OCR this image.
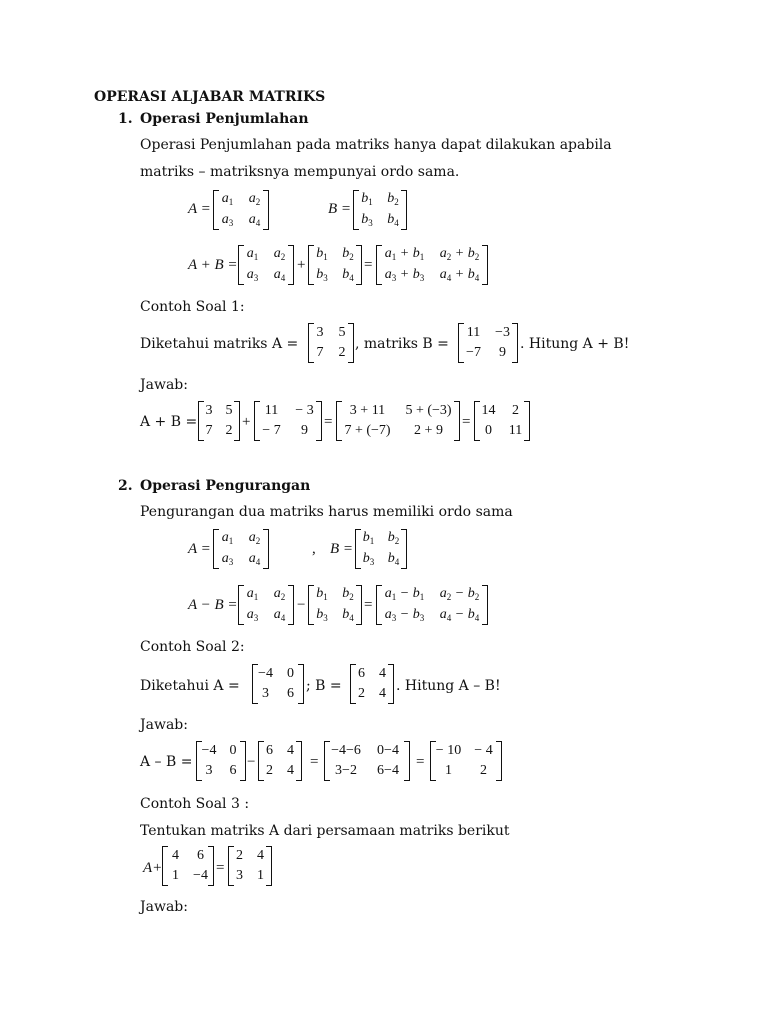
OPERASI ALJABAR MATRIKS
1. Operasi Penjumlahan
Operasi Penjumlahan pada matriks hanya dapat dilakukan apabila
matriks – matriksnya mempunyai ordo sama.
A =
$a_1$	$a_2$
$a_3$	$a_4$
B =
$b_1$	$b_2$
$b_3$	$b_4$
A + B =
$a_1$	$a_2$
$a_3$	$a_4$
+
$b_1$	$b_2$
$b_3$	$b_4$
=
$a_1 + b_1$	$a_2 + b_2$
$a_3 + b_3$	$a_4 + b_4$
Contoh Soal 1:
Diketahui matriks A =
3	5
7	2
, matriks B =
11	−3
−7	9
. Hitung A + B!
Jawab:
A + B =
3 5
7 2
+
11	− 3
− 7	9
=
3 + 11	5 + (−3)
7 + (−7)	2 + 9
=
14	2
0	11
2. Operasi Pengurangan
Pengurangan dua matriks harus memiliki ordo sama
A =
$a_1$	$a_2$
$a_3$	$a_4$
, B =
$b_1$ $b_2$
$b_3$ $b_4$
A − B =
$a_1$	$a_2$
$a_3$	$a_4$
−
$b_1$	$b_2$
$b_3$	$b_4$
=
$a_1 - b_1$	$a_2 - b_2$
$a_3 - b_3$	$a_4 - b_4$
Contoh Soal 2:
Diketahui A =
−4	0
3	6 ; B =
6	4
2	4 . Hitung A – B!
Jawab:
A – B =
−4 0
3	6
−
6	4
2	4
=
−4−6	0−4
3−2	6−4
=
− 10 − 4
1	2
Contoh Soal 3 :
Tentukan matriks A dari persamaan matriks berikut
A+
4	6
1	−4 =
2	4
3	1
Jawab:
